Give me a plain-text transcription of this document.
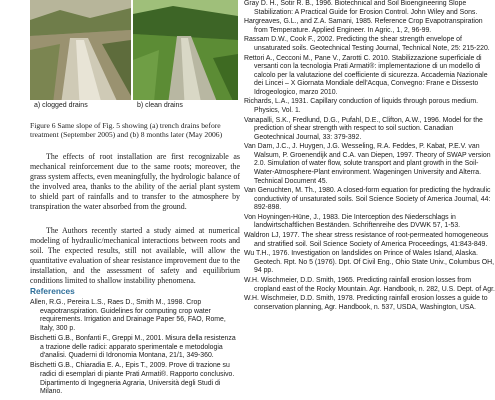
a) clogged drains	b) clean drains
Figure 6 Same slope of Fig. 5 showing (a) trench drains before treatment (September 2005) and (b) 8 months later (May 2006)

The effects of root installation are first recognizable as mechanical reinforcement due to the same roots; moreover, the grass system affects, even meaningfully, the hydrologic balance of the involved area, thanks to the ability of the aerial plant system to shield part of rainfalls and to transfer to the atmosphere by transpiration the water absorbed from the ground.

The Authors recently started a study aimed at numerical modeling of hydraulic/mechanical interactions between roots and soil. The expected results, still not available, will allow the quantitative evaluation of shear resistance improvement due to the installation, and the assessment of safety and equilibrium conditions limited to shallow instability phenomena.

References
Allen, R.G., Pereira L.S., Raes D., Smith M., 1998. Crop evapotranspiration. Guidelines for computing crop water requirements. Irrigation and Drainage Paper 56, FAO, Rome, Italy, 300 p.
Bischetti G.B., Bonfanti F., Greppi M., 2001. Misura della resistenza a trazione delle radici: apparato sperimentale e metodologia d'analisi. Quaderni di Idronomia Montana, 21/1, 349-360.
Bischetti G.B., Chiaradia E. A., Epis T., 2009. Prove di trazione su radici di esemplari di piante Prati Armati®. Rapporto conclusivo. Dipartimento di Ingegneria Agraria, Università degli Studi di Milano.
Gray D. H., Sotir R. B., 1996. Biotechnical and Soil Bioengineering Slope Stabilization: A Practical Guide for Erosion Control. John Wiley and Sons.
Hargreaves, G.L., and Z.A. Samani, 1985. Reference Crop Evapotranspiration from Temperature. Applied Engineer. In Agric., 1, 2, 96-99.
Rassam D.W., Cook F., 2002. Predicting the shear strength envelope of unsaturated soils. Geotechnical Testing Journal, Technical Note, 25: 215-220.
Rettori A., Cecconi M., Pane V., Zarotti C. 2010. Stabilizzazione superficiale di versanti con la tecnologia Prati Armati®: implementazione di un modello di calcolo per la valutazione del coefficiente di sicurezza. Accademia Nazionale dei Lincei – X Giornata Mondiale dell'Acqua, Convegno: Frane e Dissesto Idrogeologico, marzo 2010.
Richards, L.A., 1931. Capillary conduction of liquids through porous medium. Physics, Vol. 1.
Vanapalli, S.K., Fredlund, D.G., Pufahl, D.E., Clifton, A.W., 1996. Model for the prediction of shear strength with respect to soil suction. Canadian Geotechnical Journal, 33: 379-392.
Van Dam, J.C., J. Huygen, J.G. Wesseling, R.A. Feddes, P. Kabat, P.E.V. van Walsum, P. Groenendijk and C.A. van Diepen, 1997. Theory of SWAP version 2.0. Simulation of water flow, solute transport and plant growth in the Soil-Water-Atmosphere-Plant environment. Wageningen University and Alterra. Technical Document 45.
Van Genuchten, M. Th., 1980. A closed-form equation for predicting the hydraulic conductivity of unsaturated soils. Soil Science Society of America Journal, 44: 892-898.
Von Hoyningen-Hüne, J., 1983. Die Interception des Niederschlags in landwirtschaftlichen Beständen. Schriftenreihe des DVWK 57, 1-53.
Waldron LJ, 1977. The shear stress resistance of root-permeated homogeneous and stratified soil. Soil Science Society of America Proceedings, 41:843-849.
Wu T.H., 1976. Investigation on landslides on Prince of Wales Island, Alaska. Geotech. Rpt. No 5 (1976). Dpt. Of Civil Eng., Ohio State Univ., Columbus OH, 94 pp.
W.H. Wischmeier, D.D. Smith, 1965. Predicting rainfall erosion losses from cropland east of the Rocky Mountain. Agr. Handbook, n. 282, U.S. Dept. of Agr.
W.H. Wischmeier, D.D. Smith, 1978. Predicting rainfall erosion losses a guide to conservation planning, Agr. Handbook, n. 537, USDA, Washington, USA.
